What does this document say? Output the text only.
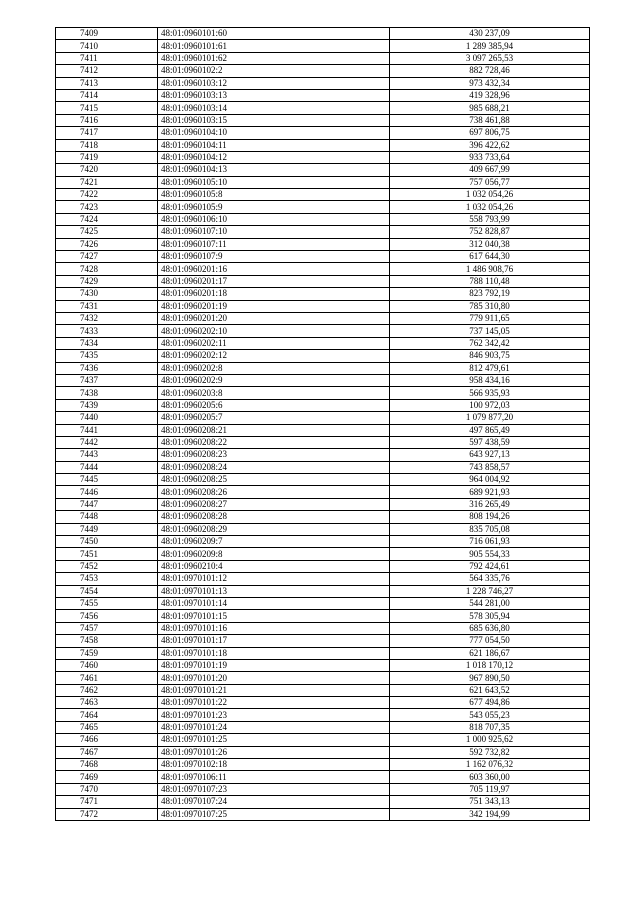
7409	48:01:0960101:60	430 237,09
7410	48:01:0960101:61	1 289 385,94
7411	48:01:0960101:62	3 097 265,53
7412	48:01:0960102:2	882 728,46
7413	48:01:0960103:12	973 432,34
7414	48:01:0960103:13	419 328,96
7415	48:01:0960103:14	985 688,21
7416	48:01:0960103:15	738 461,88
7417	48:01:0960104:10	697 806,75
7418	48:01:0960104:11	396 422,62
7419	48:01:0960104:12	933 733,64
7420	48:01:0960104:13	409 667,99
7421	48:01:0960105:10	757 056,77
7422	48:01:0960105:8	1 032 054,26
7423	48:01:0960105:9	1 032 054,26
7424	48:01:0960106:10	558 793,99
7425	48:01:0960107:10	752 828,87
7426	48:01:0960107:11	312 040,38
7427	48:01:0960107:9	617 644,30
7428	48:01:0960201:16	1 486 908,76
7429	48:01:0960201:17	788 110,48
7430	48:01:0960201:18	823 792,19
7431	48:01:0960201:19	785 310,80
7432	48:01:0960201:20	779 911,65
7433	48:01:0960202:10	737 145,05
7434	48:01:0960202:11	762 342,42
7435	48:01:0960202:12	846 903,75
7436	48:01:0960202:8	812 479,61
7437	48:01:0960202:9	958 434,16
7438	48:01:0960203:8	566 935,93
7439	48:01:0960205:6	100 972,03
7440	48:01:0960205:7	1 079 877,20
7441	48:01:0960208:21	497 865,49
7442	48:01:0960208:22	597 438,59
7443	48:01:0960208:23	643 927,13
7444	48:01:0960208:24	743 858,57
7445	48:01:0960208:25	964 004,92
7446	48:01:0960208:26	689 921,93
7447	48:01:0960208:27	316 265,49
7448	48:01:0960208:28	808 194,26
7449	48:01:0960208:29	835 705,08
7450	48:01:0960209:7	716 061,93
7451	48:01:0960209:8	905 554,33
7452	48:01:0960210:4	792 424,61
7453	48:01:0970101:12	564 335,76
7454	48:01:0970101:13	1 228 746,27
7455	48:01:0970101:14	544 281,00
7456	48:01:0970101:15	578 305,94
7457	48:01:0970101:16	685 636,80
7458	48:01:0970101:17	777 054,50
7459	48:01:0970101:18	621 186,67
7460	48:01:0970101:19	1 018 170,12
7461	48:01:0970101:20	967 890,50
7462	48:01:0970101:21	621 643,52
7463	48:01:0970101:22	677 494,86
7464	48:01:0970101:23	543 055,23
7465	48:01:0970101:24	818 707,35
7466	48:01:0970101:25	1 000 925,62
7467	48:01:0970101:26	592 732,82
7468	48:01:0970102:18	1 162 076,32
7469	48:01:0970106:11	603 360,00
7470	48:01:0970107:23	705 119,97
7471	48:01:0970107:24	751 343,13
7472	48:01:0970107:25	342 194,99
